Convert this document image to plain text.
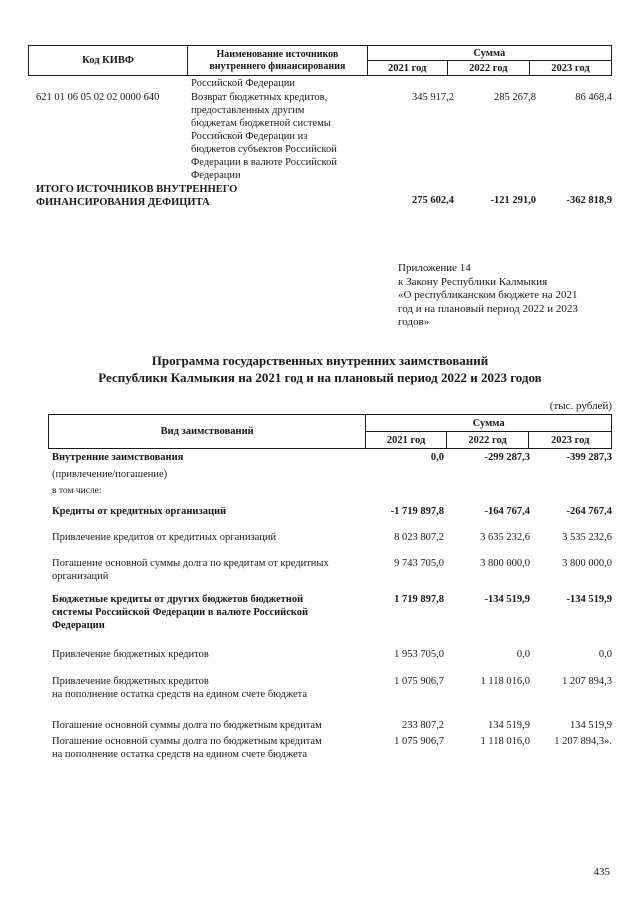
Код КИВФ	Наименование источников внутреннего финансирования	Сумма		
		2021 год	2022 год	2023 год
Российской Федерации
621 01 06 05 02 02 0000 640	Возврат бюджетных кредитов,
предоставленных другим
бюджетам бюджетной системы
Российской Федерации из
бюджетов субъектов Российской
Федерации в валюте Российской
Федерации
345 917,2	285 267,8	86 468,4
ИТОГО ИСТОЧНИКОВ ВНУТРЕННЕГО
ФИНАНСИРОВАНИЯ ДЕФИЦИТА	275 602,4	-121 291,0	-362 818,9
Приложение 14
к Закону Республики Калмыкия
«О республиканском бюджете на 2021
год и на плановый период 2022 и 2023
годов»
Программа государственных внутренних заимствований
Республики Калмыкия на 2021 год и на плановый период 2022 и 2023 годов
(тыс. рублей)
Вид заимствований	Сумма		
	2021 год	2022 год	2023 год
Внутренние заимствования	0,0	-299 287,3	-399 287,3
(привлечение/погашение)
в том числе:
Кредиты от кредитных организаций	-1 719 897,8	-164 767,4	-264 767,4
Привлечение кредитов от кредитных организаций	8 023 807,2	3 635 232,6	3 535 232,6
Погашение основной суммы долга по кредитам от кредитных
организаций
9 743 705,0	3 800 000,0	3 800 000,0
Бюджетные кредиты от других бюджетов бюджетной
системы Российской Федерации в валюте Российской
Федерации
1 719 897,8	-134 519,9	-134 519,9
Привлечение бюджетных кредитов	1 953 705,0	0,0	0,0
Привлечение бюджетных кредитов
на пополнение остатка средств на едином счете бюджета
1 075 906,7	1 118 016,0	1 207 894,3
Погашение основной суммы долга по бюджетным кредитам	233 807,2	134 519,9	134 519,9
Погашение основной суммы долга по бюджетным кредитам
на пополнение остатка средств на едином счете бюджета
1 075 906,7	1 118 016,0	1 207 894,3».
435
